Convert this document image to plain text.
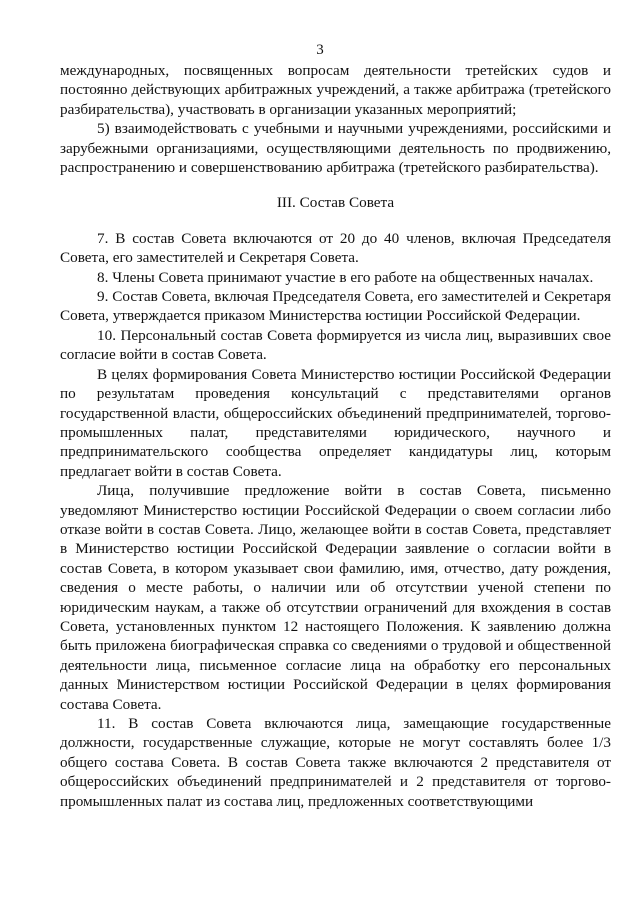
3

международных, посвященных вопросам деятельности третейских судов и постоянно действующих арбитражных учреждений, а также арбитража (третейского разбирательства), участвовать в организации указанных мероприятий;

5) взаимодействовать с учебными и научными учреждениями, российскими и зарубежными организациями, осуществляющими деятельность по продвижению, распространению и совершенствованию арбитража (третейского разбирательства).

III. Состав Совета

7. В состав Совета включаются от 20 до 40 членов, включая Председателя Совета, его заместителей и Секретаря Совета.

8. Члены Совета принимают участие в его работе на общественных началах.

9. Состав Совета, включая Председателя Совета, его заместителей и Секретаря Совета, утверждается приказом Министерства юстиции Российской Федерации.

10. Персональный состав Совета формируется из числа лиц, выразивших свое согласие войти в состав Совета.

В целях формирования Совета Министерство юстиции Российской Федерации по результатам проведения консультаций с представителями органов государственной власти, общероссийских объединений предпринимателей, торгово-промышленных палат, представителями юридического, научного и предпринимательского сообщества определяет кандидатуры лиц, которым предлагает войти в состав Совета.

Лица, получившие предложение войти в состав Совета, письменно уведомляют Министерство юстиции Российской Федерации о своем согласии либо отказе войти в состав Совета. Лицо, желающее войти в состав Совета, представляет в Министерство юстиции Российской Федерации заявление о согласии войти в состав Совета, в котором указывает свои фамилию, имя, отчество, дату рождения, сведения о месте работы, о наличии или об отсутствии ученой степени по юридическим наукам, а также об отсутствии ограничений для вхождения в состав Совета, установленных пунктом 12 настоящего Положения. К заявлению должна быть приложена биографическая справка со сведениями о трудовой и общественной деятельности лица, письменное согласие лица на обработку его персональных данных Министерством юстиции Российской Федерации в целях формирования состава Совета.

11. В состав Совета включаются лица, замещающие государственные должности, государственные служащие, которые не могут составлять более 1/3 общего состава Совета. В состав Совета также включаются 2 представителя от общероссийских объединений предпринимателей и 2 представителя от торгово-промышленных палат из состава лиц, предложенных соответствующими
